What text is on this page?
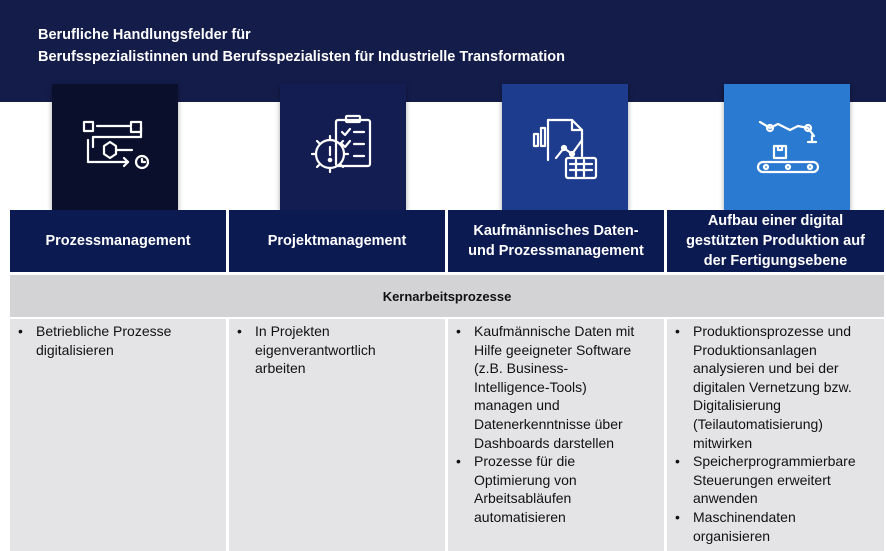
Berufliche Handlungsfelder für
Berufsspezialistinnen und Berufsspezialisten für Industrielle Transformation
Prozessmanagement	Projektmanagement
Kaufmännisches Daten-
und Prozessmanagement
Aufbau einer digital
gestützten Produktion auf
der Fertigungsebene
Kernarbeitsprozesse
• Betriebliche Prozesse
digitalisieren
• In Projekten
eigenverantwortlich
arbeiten
• Kaufmännische Daten mit
Hilfe geeigneter Software
(z.B. Business-
Intelligence-Tools)
managen und
Datenerkenntnisse über
Dashboards darstellen
• Prozesse für die
Optimierung von
Arbeitsabläufen
automatisieren
• Produktionsprozesse und
Produktionsanlagen
analysieren und bei der
digitalen Vernetzung bzw.
Digitalisierung
(Teilautomatisierung)
mitwirken
• Speicherprogrammierbare
Steuerungen erweitert
anwenden
• Maschinendaten
organisieren
